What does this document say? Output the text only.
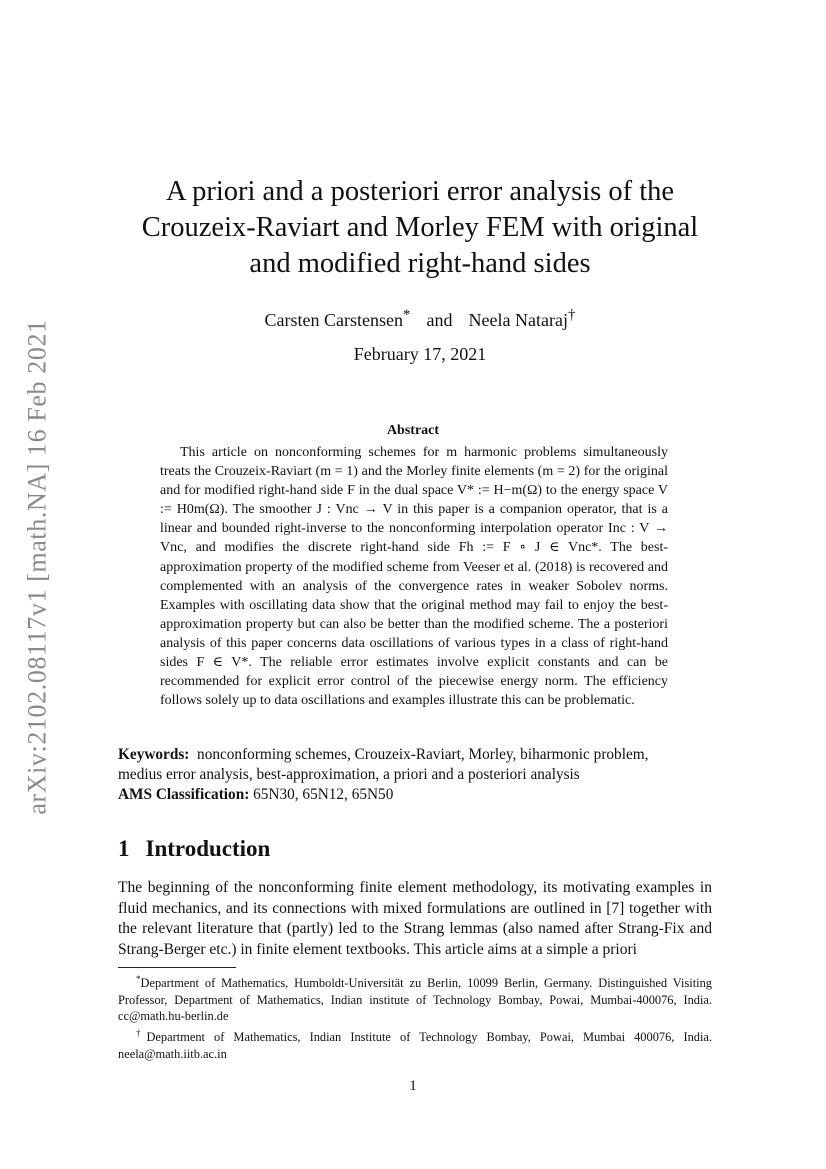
arXiv:2102.08117v1 [math.NA] 16 Feb 2021
A priori and a posteriori error analysis of the
Crouzeix-Raviart and Morley FEM with original
and modified right-hand sides
Carsten Carstensen* and Neela Nataraj†
February 17, 2021
Abstract

This article on nonconforming schemes for m harmonic problems simultaneously treats the Crouzeix-Raviart (m = 1) and the Morley finite elements (m = 2) for the original and for modified right-hand side F in the dual space V* := H−m(Ω) to the energy space V := H0m(Ω). The smoother J : Vnc → V in this paper is a companion operator, that is a linear and bounded right-inverse to the nonconforming interpolation operator Inc : V → Vnc, and modifies the discrete right-hand side Fh := F ∘ J ∈ Vnc*. The best-approximation property of the modified scheme from Veeser et al. (2018) is recovered and complemented with an analysis of the convergence rates in weaker Sobolev norms. Examples with oscillating data show that the original method may fail to enjoy the best-approximation property but can also be better than the modified scheme. The a posteriori analysis of this paper concerns data oscillations of various types in a class of right-hand sides F ∈ V*. The reliable error estimates involve explicit constants and can be recommended for explicit error control of the piecewise energy norm. The efficiency follows solely up to data oscillations and examples illustrate this can be problematic.

Keywords: nonconforming schemes, Crouzeix-Raviart, Morley, biharmonic problem,
medius error analysis, best-approximation, a priori and a posteriori analysis
AMS Classification: 65N30, 65N12, 65N50
1 Introduction

The beginning of the nonconforming finite element methodology, its motivating examples in fluid mechanics, and its connections with mixed formulations are outlined in [7] together with the relevant literature that (partly) led to the Strang lemmas (also named after Strang-Fix and Strang-Berger etc.) in finite element textbooks. This article aims at a simple a priori

*Department of Mathematics, Humboldt-Universität zu Berlin, 10099 Berlin, Germany. Distinguished Visiting Professor, Department of Mathematics, Indian institute of Technology Bombay, Powai, Mumbai-400076, India. cc@math.hu-berlin.de

†Department of Mathematics, Indian Institute of Technology Bombay, Powai, Mumbai 400076, India. neela@math.iitb.ac.in

1
